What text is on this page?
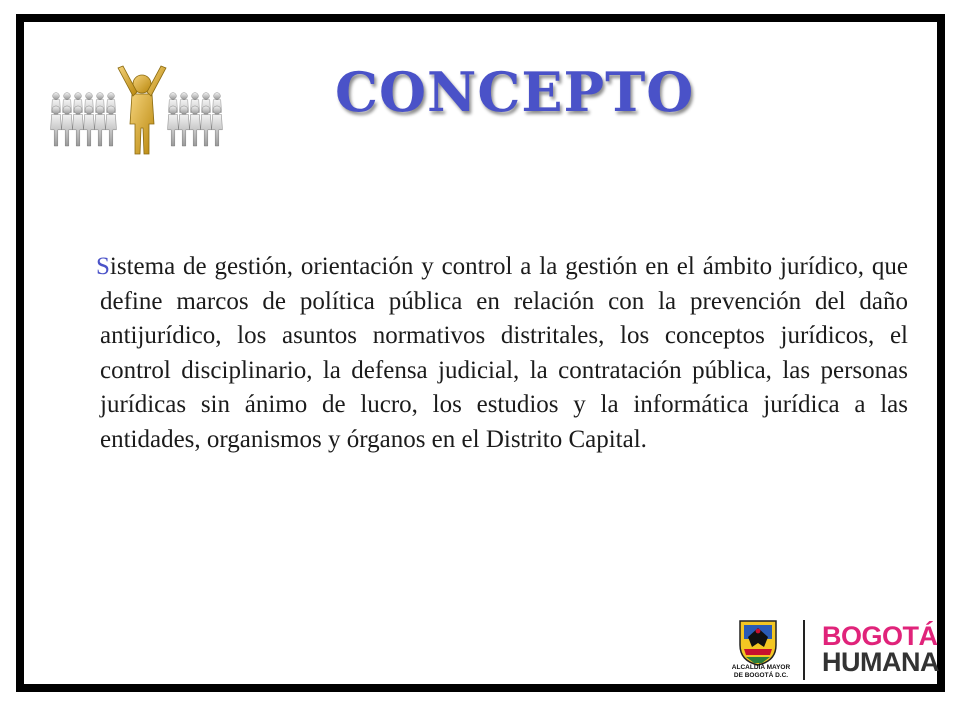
CONCEPTO

Sistema de gestión, orientación y control a la gestión en el ámbito jurídico, que define marcos de política pública en relación con la prevención del daño antijurídico, los asuntos normativos distritales, los conceptos jurídicos, el control disciplinario, la defensa judicial, la contratación pública, las personas jurídicas sin ánimo de lucro, los estudios y la informática jurídica a las entidades, organismos y órganos en el Distrito Capital.

ALCALDÍA MAYOR
DE BOGOTÁ D.C.
BOGOTÁ
HUMANA
